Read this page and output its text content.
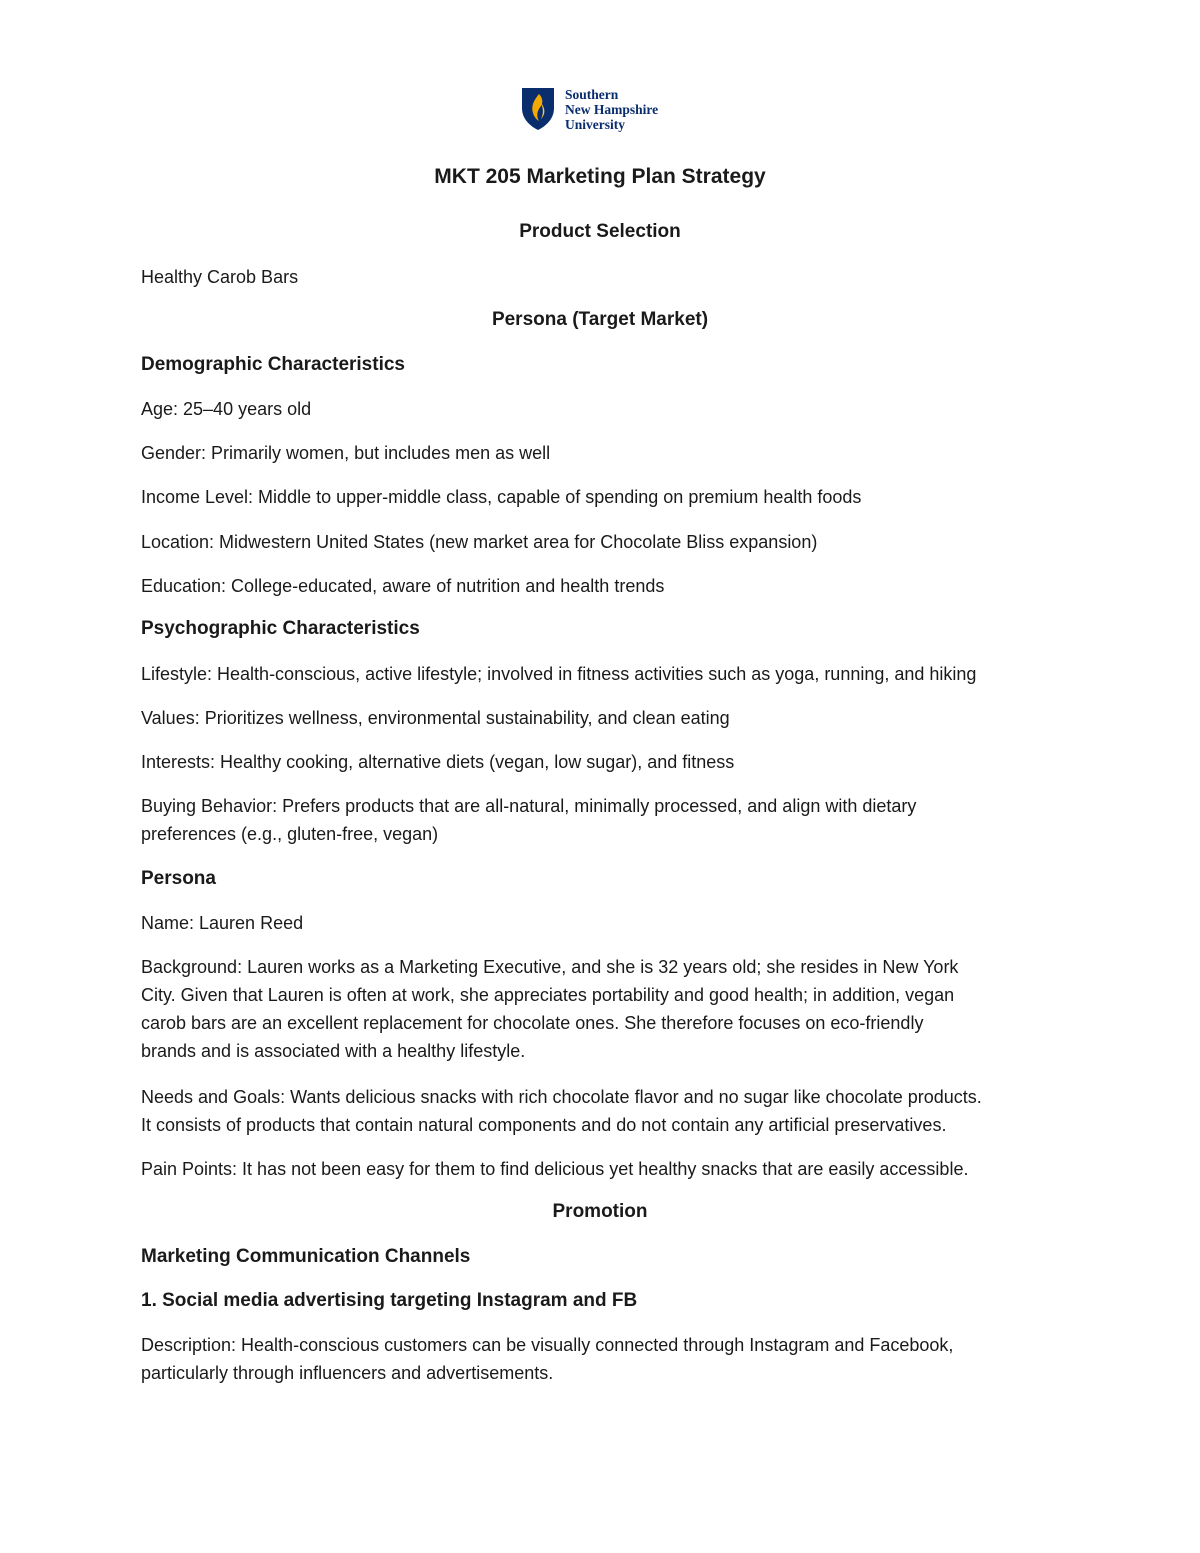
Southern
New Hampshire
University
MKT 205 Marketing Plan Strategy
Product Selection
Healthy Carob Bars
Persona (Target Market)
Demographic Characteristics
Age: 25–40 years old
Gender: Primarily women, but includes men as well
Income Level: Middle to upper-middle class, capable of spending on premium health foods
Location: Midwestern United States (new market area for Chocolate Bliss expansion)
Education: College-educated, aware of nutrition and health trends
Psychographic Characteristics
Lifestyle: Health-conscious, active lifestyle; involved in fitness activities such as yoga, running, and hiking
Values: Prioritizes wellness, environmental sustainability, and clean eating
Interests: Healthy cooking, alternative diets (vegan, low sugar), and fitness
Buying Behavior: Prefers products that are all-natural, minimally processed, and align with dietary
preferences (e.g., gluten-free, vegan)
Persona
Name: Lauren Reed
Background: Lauren works as a Marketing Executive, and she is 32 years old; she resides in New York
City. Given that Lauren is often at work, she appreciates portability and good health; in addition, vegan
carob bars are an excellent replacement for chocolate ones. She therefore focuses on eco-friendly
brands and is associated with a healthy lifestyle.
Needs and Goals: Wants delicious snacks with rich chocolate flavor and no sugar like chocolate products.
It consists of products that contain natural components and do not contain any artificial preservatives.
Pain Points: It has not been easy for them to find delicious yet healthy snacks that are easily accessible.
Promotion
Marketing Communication Channels
1. Social media advertising targeting Instagram and FB
Description: Health-conscious customers can be visually connected through Instagram and Facebook,
particularly through influencers and advertisements.
